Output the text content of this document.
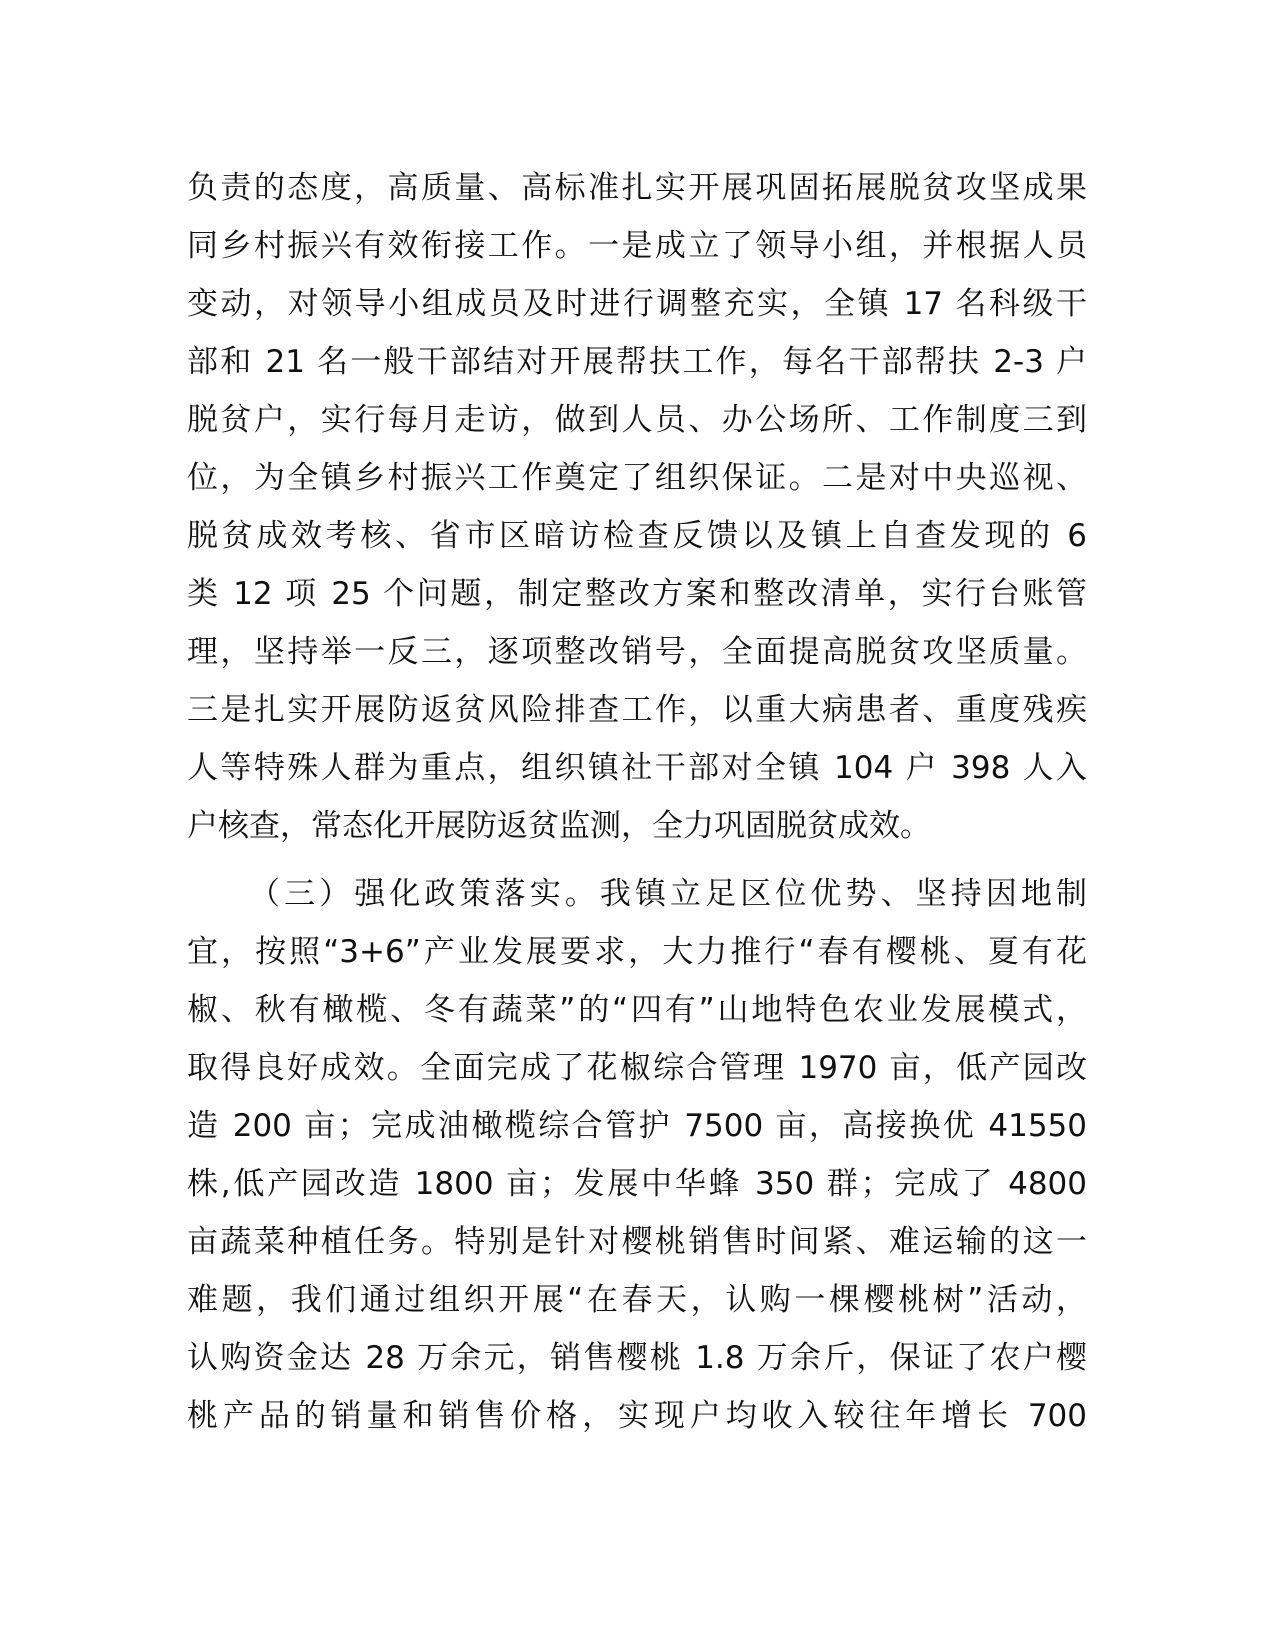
负责的态度，高质量、高标准扎实开展巩固拓展脱贫攻坚成果
同乡村振兴有效衔接工作。一是成立了领导小组，并根据人员
变动，对领导小组成员及时进行调整充实，全镇 17 名科级干
部和 21 名一般干部结对开展帮扶工作，每名干部帮扶 2-3 户
脱贫户，实行每月走访，做到人员、办公场所、工作制度三到
位，为全镇乡村振兴工作奠定了组织保证。二是对中央巡视、
脱贫成效考核、省市区暗访检查反馈以及镇上自查发现的 6
类 12 项 25 个问题，制定整改方案和整改清单，实行台账管
理，坚持举一反三，逐项整改销号，全面提高脱贫攻坚质量。
三是扎实开展防返贫风险排查工作，以重大病患者、重度残疾
人等特殊人群为重点，组织镇社干部对全镇 104 户 398 人入
户核查，常态化开展防返贫监测，全力巩固脱贫成效。
（三）强化政策落实。我镇立足区位优势、坚持因地制
宜，按照“3+6”产业发展要求，大力推行“春有樱桃、夏有花
椒、秋有橄榄、冬有蔬菜”的“四有”山地特色农业发展模式，
取得良好成效。全面完成了花椒综合管理 1970 亩，低产园改
造 200 亩；完成油橄榄综合管护 7500 亩，高接换优 41550
株,低产园改造 1800 亩；发展中华蜂 350 群；完成了 4800
亩蔬菜种植任务。特别是针对樱桃销售时间紧、难运输的这一
难题，我们通过组织开展“在春天，认购一棵樱桃树”活动，
认购资金达 28 万余元，销售樱桃 1.8 万余斤，保证了农户樱
桃产品的销量和销售价格，实现户均收入较往年增长 700
